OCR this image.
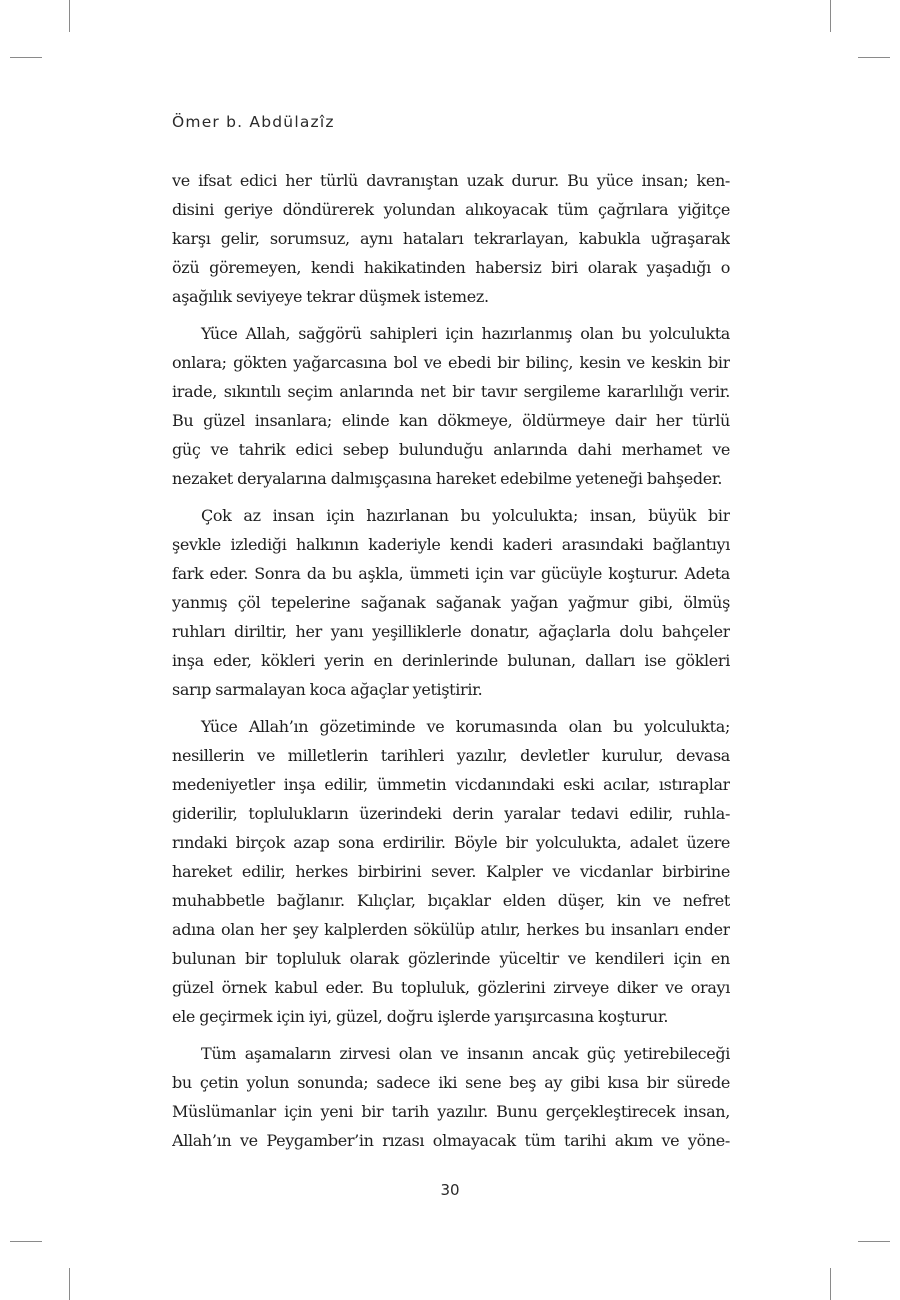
Ömer b. Abdülazîz
ve ifsat edici her türlü davranıştan uzak durur. Bu yüce insan; ken-
disini geriye döndürerek yolundan alıkoyacak tüm çağrılara yiğitçe
karşı gelir, sorumsuz, aynı hataları tekrarlayan, kabukla uğraşarak
özü göremeyen, kendi hakikatinden habersiz biri olarak yaşadığı o
aşağılık seviyeye tekrar düşmek istemez.
Yüce Allah, sağgörü sahipleri için hazırlanmış olan bu yolculukta
onlara; gökten yağarcasına bol ve ebedi bir bilinç, kesin ve keskin bir
irade, sıkıntılı seçim anlarında net bir tavır sergileme kararlılığı verir.
Bu güzel insanlara; elinde kan dökmeye, öldürmeye dair her türlü
güç ve tahrik edici sebep bulunduğu anlarında dahi merhamet ve
nezaket deryalarına dalmışçasına hareket edebilme yeteneği bahşeder.
Çok az insan için hazırlanan bu yolculukta; insan, büyük bir
şevkle izlediği halkının kaderiyle kendi kaderi arasındaki bağlantıyı
fark eder. Sonra da bu aşkla, ümmeti için var gücüyle koşturur. Adeta
yanmış çöl tepelerine sağanak sağanak yağan yağmur gibi, ölmüş
ruhları diriltir, her yanı yeşilliklerle donatır, ağaçlarla dolu bahçeler
inşa eder, kökleri yerin en derinlerinde bulunan, dalları ise gökleri
sarıp sarmalayan koca ağaçlar yetiştirir.
Yüce Allah’ın gözetiminde ve korumasında olan bu yolculukta;
nesillerin ve milletlerin tarihleri yazılır, devletler kurulur, devasa
medeniyetler inşa edilir, ümmetin vicdanındaki eski acılar, ıstıraplar
giderilir, toplulukların üzerindeki derin yaralar tedavi edilir, ruhla-
rındaki birçok azap sona erdirilir. Böyle bir yolculukta, adalet üzere
hareket edilir, herkes birbirini sever. Kalpler ve vicdanlar birbirine
muhabbetle bağlanır. Kılıçlar, bıçaklar elden düşer, kin ve nefret
adına olan her şey kalplerden sökülüp atılır, herkes bu insanları ender
bulunan bir topluluk olarak gözlerinde yüceltir ve kendileri için en
güzel örnek kabul eder. Bu topluluk, gözlerini zirveye diker ve orayı
ele geçirmek için iyi, güzel, doğru işlerde yarışırcasına koşturur.
Tüm aşamaların zirvesi olan ve insanın ancak güç yetirebileceği
bu çetin yolun sonunda; sadece iki sene beş ay gibi kısa bir sürede
Müslümanlar için yeni bir tarih yazılır. Bunu gerçekleştirecek insan,
Allah’ın ve Peygamber’in rızası olmayacak tüm tarihi akım ve yöne-
30
